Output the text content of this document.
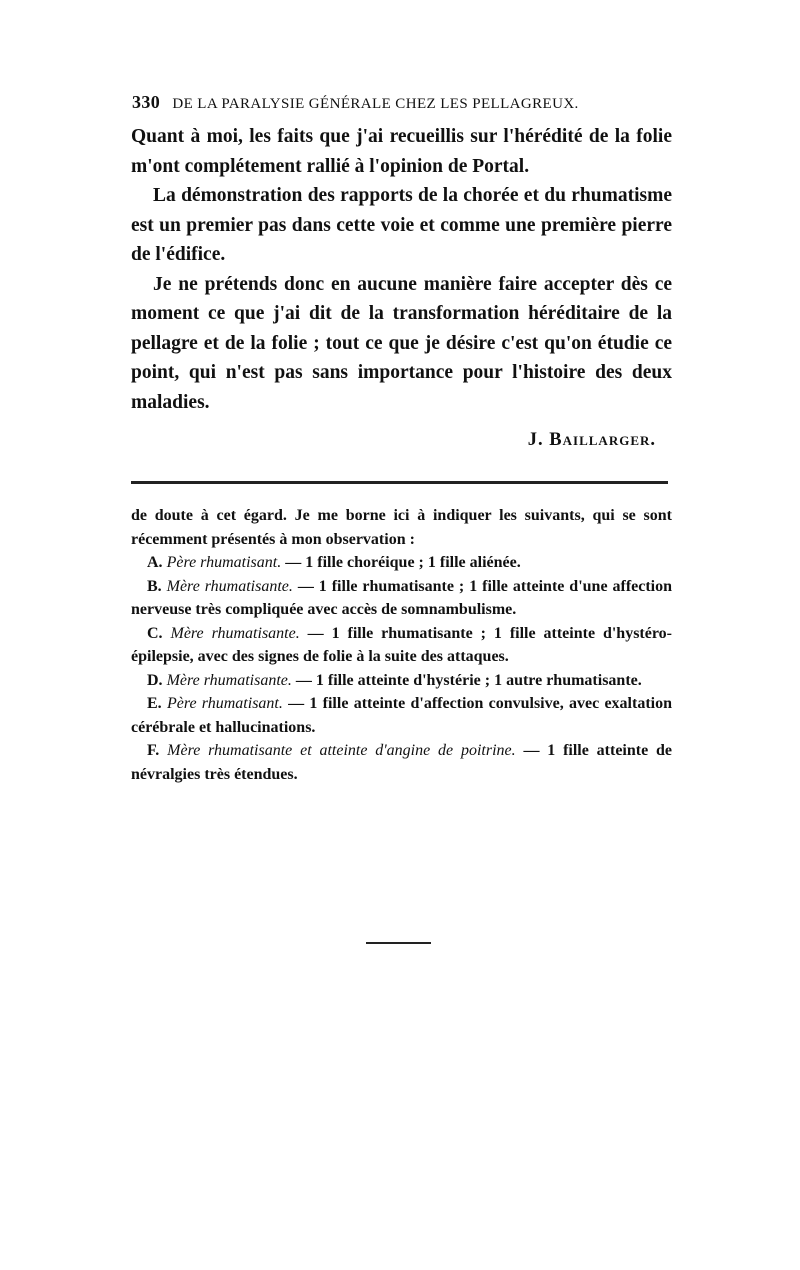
330 DE LA PARALYSIE GÉNÉRALE CHEZ LES PELLAGREUX.

Quant à moi, les faits que j'ai recueillis sur l'hérédité de la folie m'ont complétement rallié à l'opinion de Portal.

La démonstration des rapports de la chorée et du rhumatisme est un premier pas dans cette voie et comme une première pierre de l'édifice.

Je ne prétends donc en aucune manière faire accepter dès ce moment ce que j'ai dit de la transformation héréditaire de la pellagre et de la folie ; tout ce que je désire c'est qu'on étudie ce point, qui n'est pas sans importance pour l'histoire des deux maladies.

J. Baillarger.

de doute à cet égard. Je me borne ici à indiquer les suivants, qui se sont récemment présentés à mon observation :

A. Père rhumatisant. — 1 fille choréique ; 1 fille aliénée.

B. Mère rhumatisante. — 1 fille rhumatisante ; 1 fille atteinte d'une affection nerveuse très compliquée avec accès de somnambulisme.

C. Mère rhumatisante. — 1 fille rhumatisante ; 1 fille atteinte d'hystéro-épilepsie, avec des signes de folie à la suite des attaques.

D. Mère rhumatisante. — 1 fille atteinte d'hystérie ; 1 autre rhumatisante.

E. Père rhumatisant. — 1 fille atteinte d'affection convulsive, avec exaltation cérébrale et hallucinations.

F. Mère rhumatisante et atteinte d'angine de poitrine. — 1 fille atteinte de névralgies très étendues.
